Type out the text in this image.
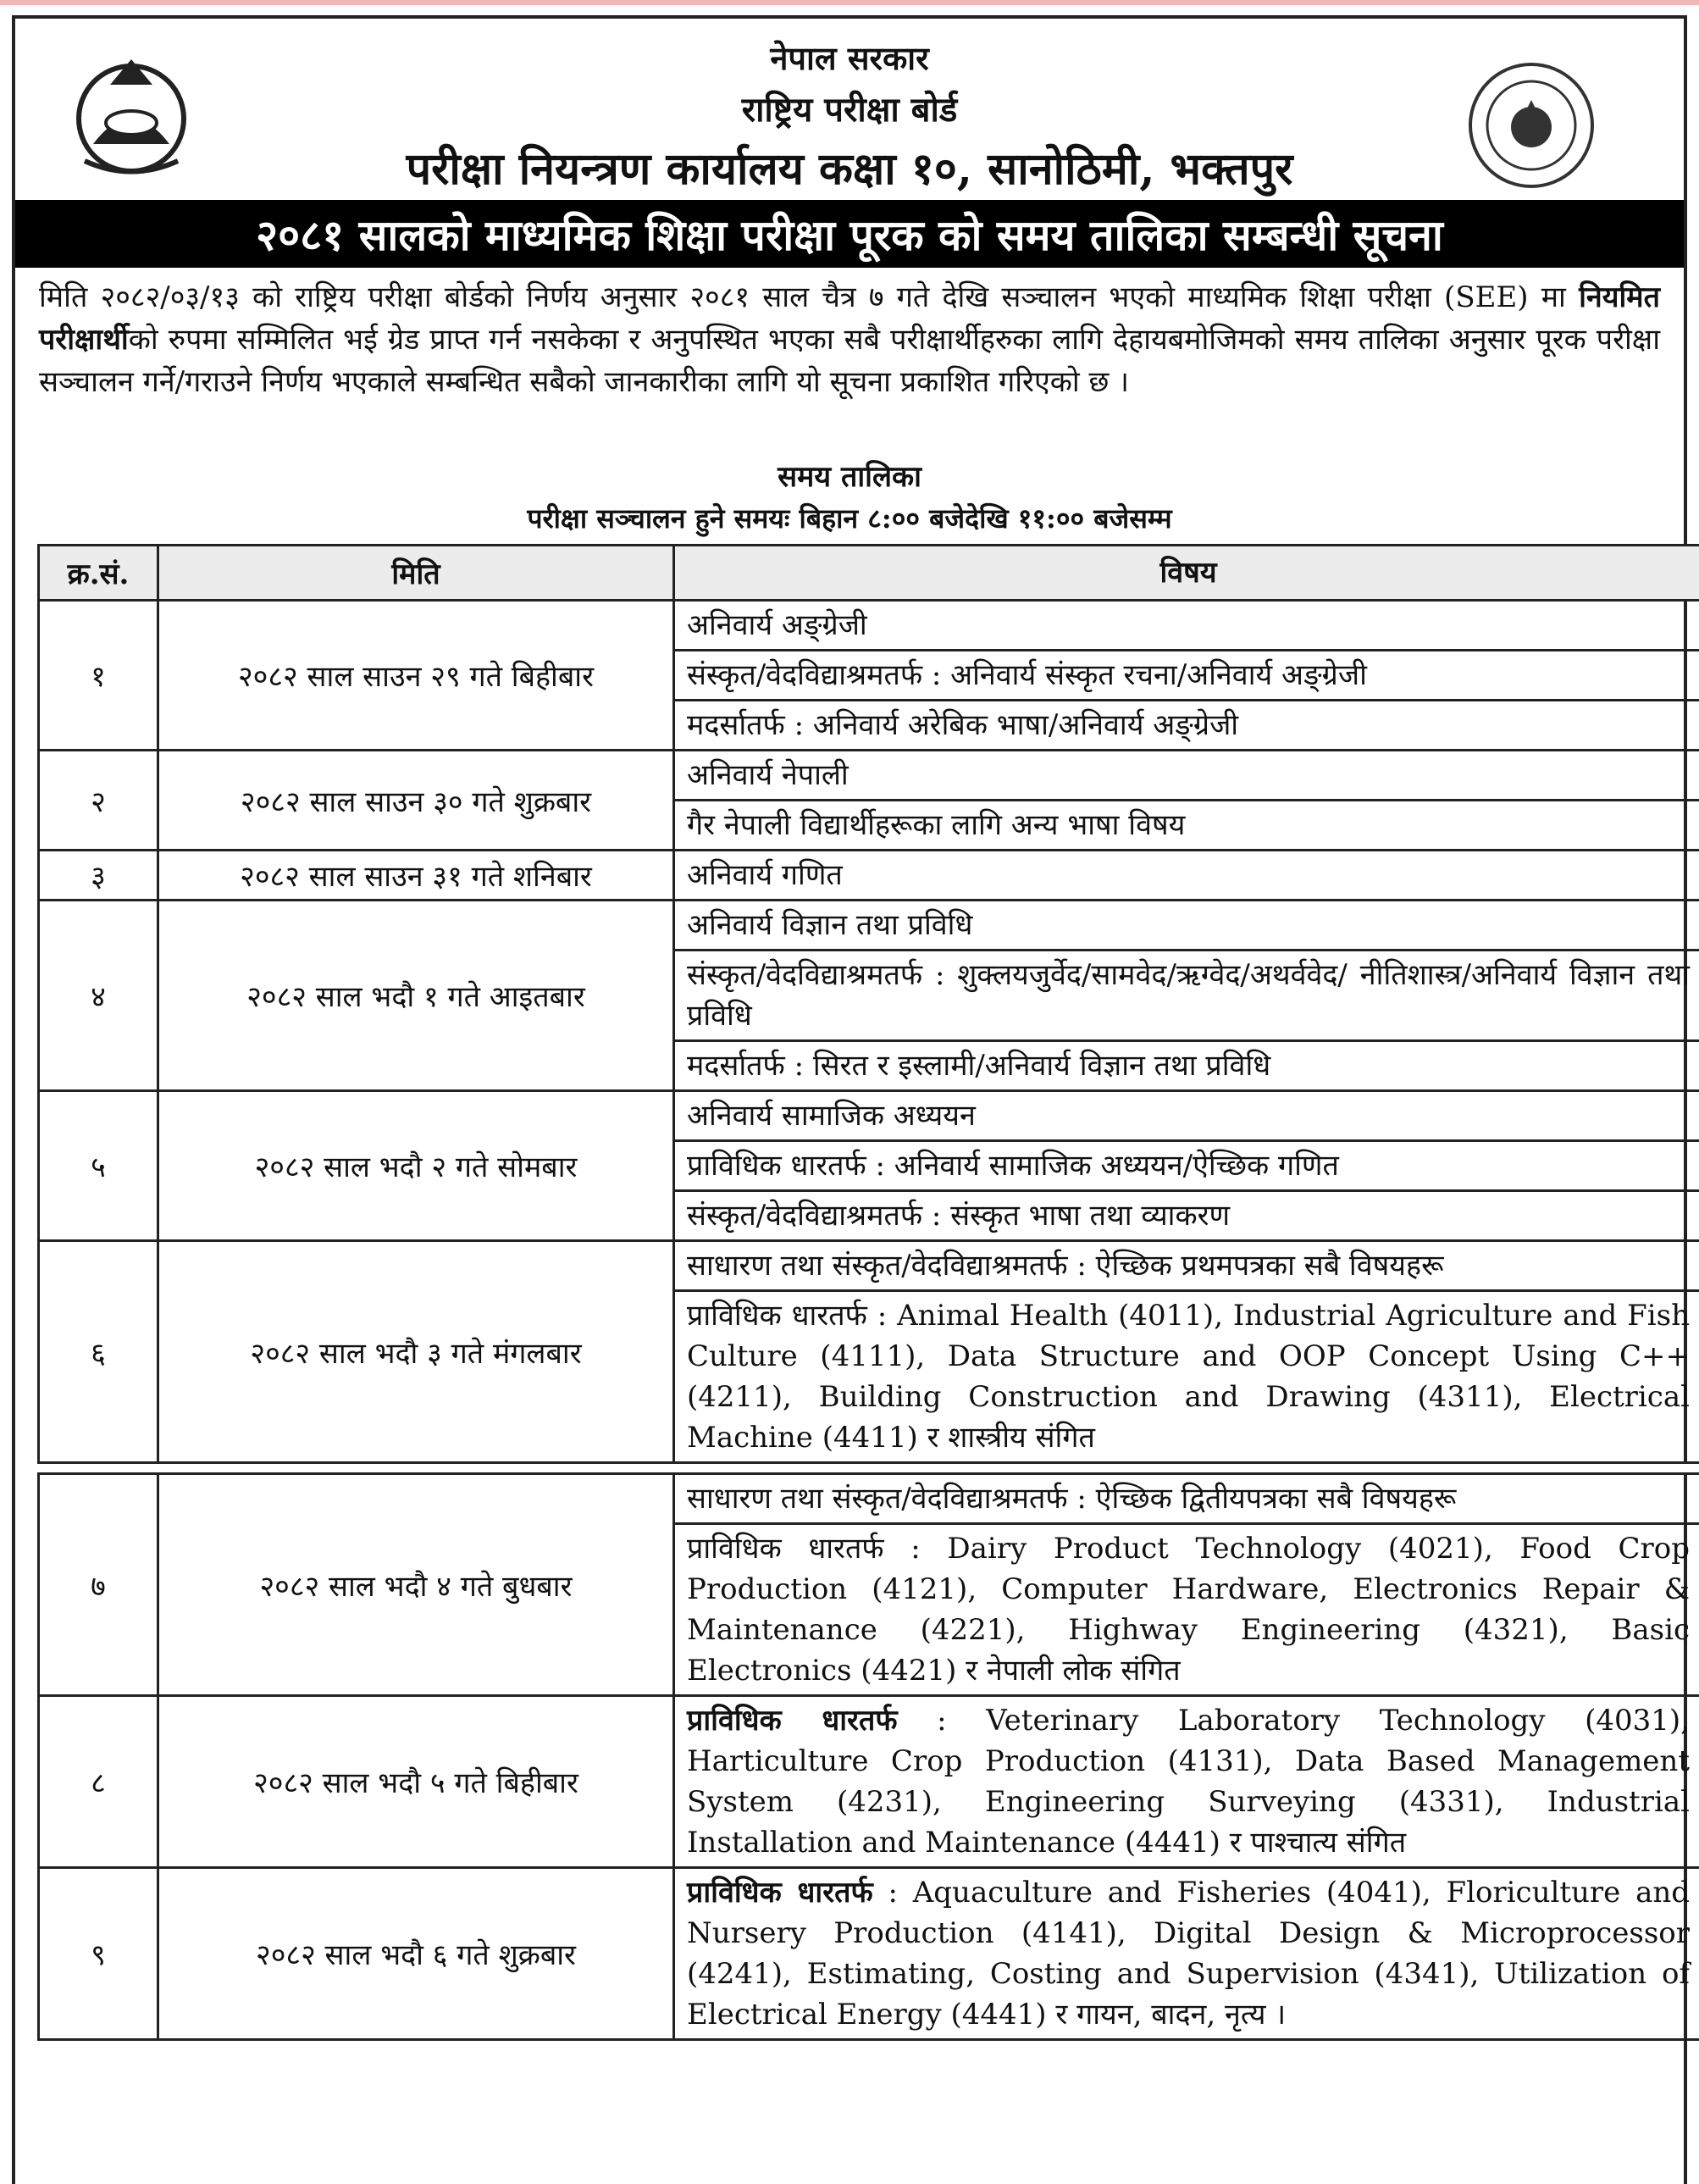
नेपाल सरकार
राष्ट्रिय परीक्षा बोर्ड
परीक्षा नियन्त्रण कार्यालय कक्षा १०, सानोठिमी, भक्तपुर
२०८१ सालको माध्यमिक शिक्षा परीक्षा पूरक को समय तालिका सम्बन्धी सूचना
मिति २०८२/०३/१३ को राष्ट्रिय परीक्षा बोर्डको निर्णय अनुसार २०८१ साल चैत्र ७ गते देखि सञ्चालन भएको माध्यमिक शिक्षा परीक्षा (SEE) मा नियमित परीक्षार्थीको रुपमा सम्मिलित भई ग्रेड प्राप्त गर्न नसकेका र अनुपस्थित भएका सबै परीक्षार्थीहरुका लागि देहायबमोजिमको समय तालिका अनुसार पूरक परीक्षा सञ्चालन गर्ने/गराउने निर्णय भएकाले सम्बन्धित सबैको जानकारीका लागि यो सूचना प्रकाशित गरिएको छ ।
समय तालिका
परीक्षा सञ्चालन हुने समयः बिहान ८:०० बजेदेखि ११:०० बजेसम्म
क्र.सं.	मिति	विषय
१	२०८२ साल साउन २९ गते बिहीबार	अनिवार्य अङ्ग्रेजी
		संस्कृत/वेदविद्याश्रमतर्फ : अनिवार्य संस्कृत रचना/अनिवार्य अङ्ग्रेजी
		मदर्सातर्फ : अनिवार्य अरेबिक भाषा/अनिवार्य अङ्ग्रेजी
२	२०८२ साल साउन ३० गते शुक्रबार	अनिवार्य नेपाली
		गैर नेपाली विद्यार्थीहरूका लागि अन्य भाषा विषय
३	२०८२ साल साउन ३१ गते शनिबार	अनिवार्य गणित
४	२०८२ साल भदौ १ गते आइतबार	अनिवार्य विज्ञान तथा प्रविधि
		संस्कृत/वेदविद्याश्रमतर्फ : शुक्लयजुर्वेद/सामवेद/ऋग्वेद/अथर्ववेद/ नीतिशास्त्र/अनिवार्य विज्ञान तथा प्रविधि
		मदर्सातर्फ : सिरत र इस्लामी/अनिवार्य विज्ञान तथा प्रविधि
५	२०८२ साल भदौ २ गते सोमबार	अनिवार्य सामाजिक अध्ययन
		प्राविधिक धारतर्फ : अनिवार्य सामाजिक अध्ययन/ऐच्छिक गणित
		संस्कृत/वेदविद्याश्रमतर्फ : संस्कृत भाषा तथा व्याकरण
६	२०८२ साल भदौ ३ गते मंगलबार	साधारण तथा संस्कृत/वेदविद्याश्रमतर्फ : ऐच्छिक प्रथमपत्रका सबै विषयहरू
		प्राविधिक धारतर्फ : Animal Health (4011), Industrial Agriculture and Fish Culture (4111), Data Structure and OOP Concept Using C++ (4211), Building Construction and Drawing (4311), Electrical Machine (4411) र शास्त्रीय संगित

७	२०८२ साल भदौ ४ गते बुधबार	साधारण तथा संस्कृत/वेदविद्याश्रमतर्फ : ऐच्छिक द्वितीयपत्रका सबै विषयहरू
		प्राविधिक धारतर्फ : Dairy Product Technology (4021), Food Crop Production (4121), Computer Hardware, Electronics Repair & Maintenance (4221), Highway Engineering (4321), Basic Electronics (4421) र नेपाली लोक संगित
८	२०८२ साल भदौ ५ गते बिहीबार	प्राविधिक धारतर्फ : Veterinary Laboratory Technology (4031), Harticulture Crop Production (4131), Data Based Management System (4231), Engineering Surveying (4331), Industrial Installation and Maintenance (4441) र पाश्चात्य संगित
९	२०८२ साल भदौ ६ गते शुक्रबार	प्राविधिक धारतर्फ : Aquaculture and Fisheries (4041), Floriculture and Nursery Production (4141), Digital Design & Microprocessor (4241), Estimating, Costing and Supervision (4341), Utilization of Electrical Energy (4441) र गायन, बादन, नृत्य ।
